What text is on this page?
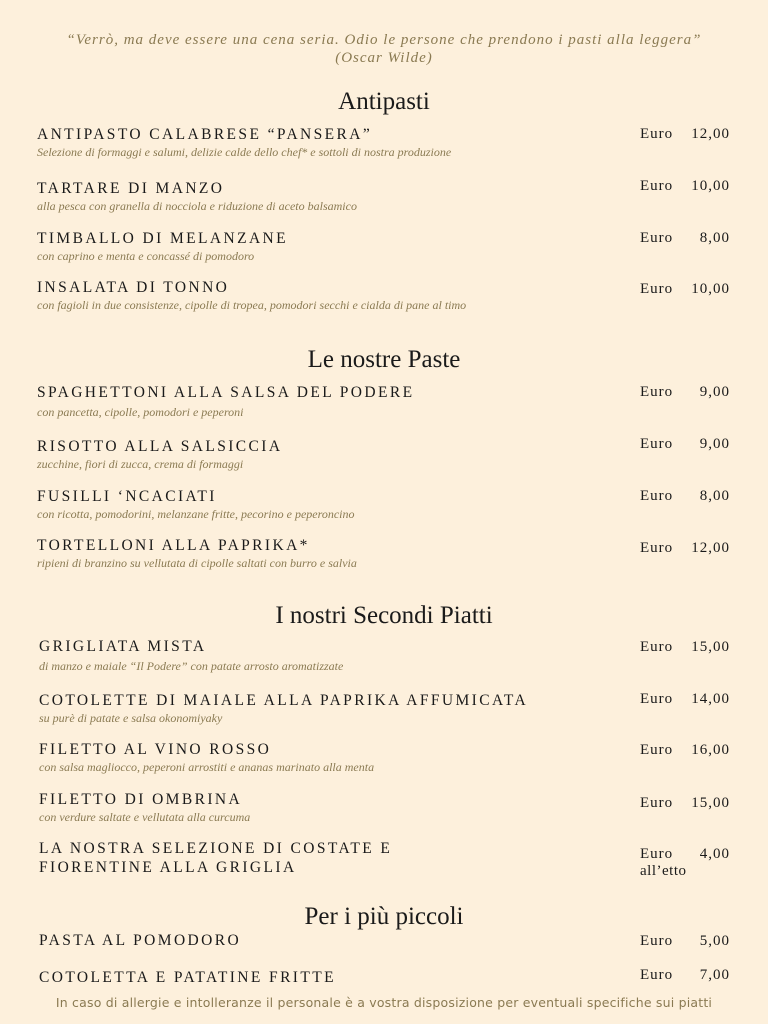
“Verrò, ma deve essere una cena seria. Odio le persone che prendono i pasti alla leggera”
(Oscar Wilde)
Antipasti
ANTIPASTO CALABRESE “PANSERA”
Selezione di formaggi e salumi, delizie calde dello chef* e sottoli di nostra produzione
Euro 12,00
TARTARE DI MANZO
alla pesca con granella di nocciola e riduzione di aceto balsamico
Euro 10,00
TIMBALLO DI MELANZANE
con caprino e menta e concassé di pomodoro
Euro 8,00
INSALATA DI TONNO
con fagioli in due consistenze, cipolle di tropea, pomodori secchi e cialda di pane al timo
Euro 10,00
Le nostre Paste
SPAGHETTONI ALLA SALSA DEL PODERE
con pancetta, cipolle, pomodori e peperoni
Euro 9,00
RISOTTO ALLA SALSICCIA
zucchine, fiori di zucca, crema di formaggi
Euro 9,00
FUSILLI ‘NCACIATI
con ricotta, pomodorini, melanzane fritte, pecorino e peperoncino
Euro 8,00
TORTELLONI ALLA PAPRIKA*
ripieni di branzino su vellutata di cipolle saltati con burro e salvia
Euro 12,00
I nostri Secondi Piatti
GRIGLIATA MISTA
di manzo e maiale “Il Podere” con patate arrosto aromatizzate
Euro 15,00
COTOLETTE DI MAIALE ALLA PAPRIKA AFFUMICATA
su purè di patate e salsa okonomiyaky
Euro 14,00
FILETTO AL VINO ROSSO
con salsa magliocco, peperoni arrostiti e ananas marinato alla menta
Euro 16,00
FILETTO DI OMBRINA
con verdure saltate e vellutata alla curcuma
Euro 15,00
LA NOSTRA SELEZIONE DI COSTATE E
FIORENTINE ALLA GRIGLIA
Euro 4,00
all’etto
Per i più piccoli
PASTA AL POMODORO	Euro 5,00
COTOLETTA E PATATINE FRITTE	Euro 7,00
In caso di allergie e intolleranze il personale è a vostra disposizione per eventuali specifiche sui piatti
